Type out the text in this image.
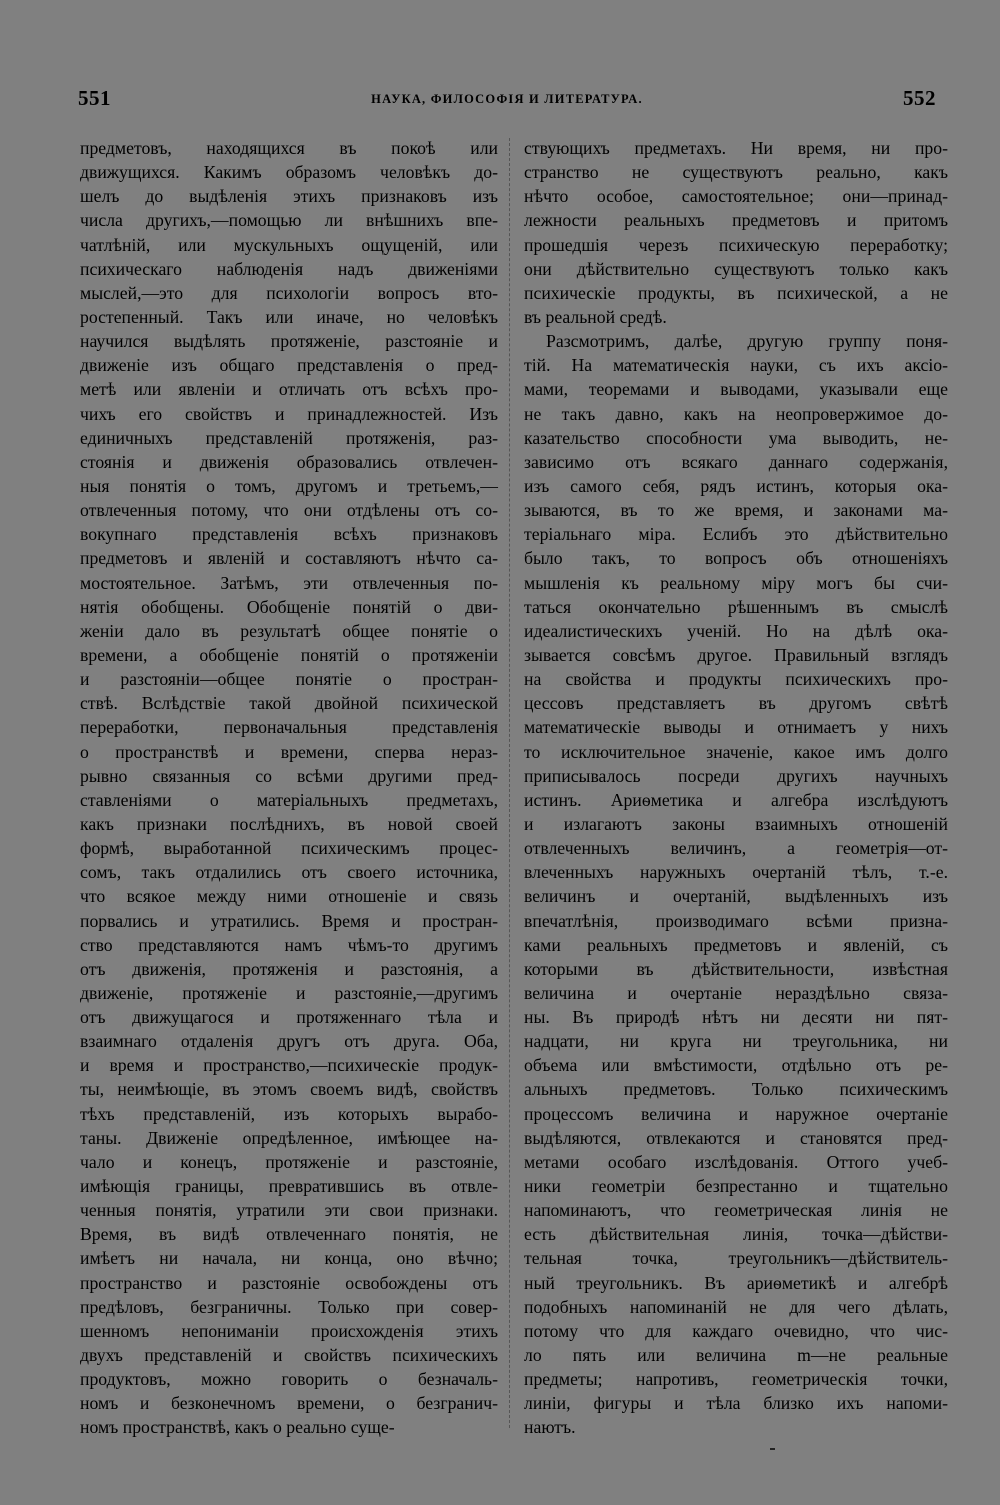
551	НАУКА, ФИЛОСОФІЯ И ЛИТЕРАТУРА.	552
предметовъ, находящихся въ покоѣ или
движущихся. Какимъ образомъ человѣкъ до-
шелъ до выдѣленія этихъ признаковъ изъ
числа другихъ,—помощью ли внѣшнихъ впе-
чатлѣній, или мускульныхъ ощущеній, или
психическаго наблюденія надъ движеніями
мыслей,—это для психологіи вопросъ вто-
ростепенный. Такъ или иначе, но человѣкъ
научился выдѣлять протяженіе, разстояніе и
движеніе изъ общаго представленія о пред-
метѣ или явленіи и отличать отъ всѣхъ про-
чихъ его свойствъ и принадлежностей. Изъ
единичныхъ представленій протяженія, раз-
стоянія и движенія образовались отвлечен-
ныя понятія о томъ, другомъ и третьемъ,—
отвлеченныя потому, что они отдѣлены отъ со-
вокупнаго представленія всѣхъ признаковъ
предметовъ и явленій и составляютъ нѣчто са-
мостоятельное. Затѣмъ, эти отвлеченныя по-
нятія обобщены. Обобщеніе понятій о дви-
женіи дало въ результатѣ общее понятіе о
времени, а обобщеніе понятій о протяженіи
и разстояніи—общее понятіе о простран-
ствѣ. Вслѣдствіе такой двойной психической
переработки, первоначальныя представленія
о пространствѣ и времени, сперва нераз-
рывно связанныя со всѣми другими пред-
ставленіями о матеріальныхъ предметахъ,
какъ признаки послѣднихъ, въ новой своей
формѣ, выработанной психическимъ процес-
сомъ, такъ отдалились отъ своего источника,
что всякое между ними отношеніе и связь
порвались и утратились. Время и простран-
ство представляются намъ чѣмъ-то другимъ
отъ движенія, протяженія и разстоянія, а
движеніе, протяженіе и разстояніе,—другимъ
отъ движущагося и протяженнаго тѣла и
взаимнаго отдаленія другъ отъ друга. Оба,
и время и пространство,—психическіе продук-
ты, неимѣющіе, въ этомъ своемъ видѣ, свойствъ
тѣхъ представленій, изъ которыхъ вырабо-
таны. Движеніе опредѣленное, имѣющее на-
чало и конецъ, протяженіе и разстояніе,
имѣющія границы, превратившись въ отвле-
ченныя понятія, утратили эти свои признаки.
Время, въ видѣ отвлеченнаго понятія, не
имѣетъ ни начала, ни конца, оно вѣчно;
пространство и разстояніе освобождены отъ
предѣловъ, безграничны. Только при совер-
шенномъ непониманіи происхожденія этихъ
двухъ представленій и свойствъ психическихъ
продуктовъ, можно говорить о безначаль-
номъ и безконечномъ времени, о безгранич-
номъ пространствѣ, какъ о реально суще-
ствующихъ предметахъ. Ни время, ни про-
странство не существуютъ реально, какъ
нѣчто особое, самостоятельное; они—принад-
лежности реальныхъ предметовъ и притомъ
прошедшія черезъ психическую переработку;
они дѣйствительно существуютъ только какъ
психическіе продукты, въ психической, а не
въ реальной средѣ.
Разсмотримъ, далѣе, другую группу поня-
тій. На математическія науки, съ ихъ аксіо-
мами, теоремами и выводами, указывали еще
не такъ давно, какъ на неопровержимое до-
казательство способности ума выводить, не-
зависимо отъ всякаго даннаго содержанія,
изъ самого себя, рядъ истинъ, которыя ока-
зываются, въ то же время, и законами ма-
теріальнаго міра. Еслибъ это дѣйствительно
было такъ, то вопросъ объ отношеніяхъ
мышленія къ реальному міру могъ бы счи-
таться окончательно рѣшеннымъ въ смыслѣ
идеалистическихъ ученій. Но на дѣлѣ ока-
зывается совсѣмъ другое. Правильный взглядъ
на свойства и продукты психическихъ про-
цессовъ представляетъ въ другомъ свѣтѣ
математическіе выводы и отнимаетъ у нихъ
то исключительное значеніе, какое имъ долго
приписывалось посреди другихъ научныхъ
истинъ. Ариѳметика и алгебра изслѣдуютъ
и излагаютъ законы взаимныхъ отношеній
отвлеченныхъ величинъ, а геометрія—от-
влеченныхъ наружныхъ очертаній тѣлъ, т.-е.
величинъ и очертаній, выдѣленныхъ изъ
впечатлѣнія, производимаго всѣми призна-
ками реальныхъ предметовъ и явленій, съ
которыми въ дѣйствительности, извѣстная
величина и очертаніе нераздѣльно связа-
ны. Въ природѣ нѣтъ ни десяти ни пят-
надцати, ни круга ни треугольника, ни
объема или вмѣстимости, отдѣльно отъ ре-
альныхъ предметовъ. Только психическимъ
процессомъ величина и наружное очертаніе
выдѣляются, отвлекаются и становятся пред-
метами особаго изслѣдованія. Оттого учеб-
ники геометріи безпрестанно и тщательно
напоминаютъ, что геометрическая линія не
есть дѣйствительная линія, точка—дѣйстви-
тельная точка, треугольникъ—дѣйствитель-
ный треугольникъ. Въ ариѳметикѣ и алгебрѣ
подобныхъ напоминаній не для чего дѣлать,
потому что для каждаго очевидно, что чис-
ло пять или величина m—не реальные
предметы; напротивъ, геометрическія точки,
линіи, фигуры и тѣла близко ихъ напоми-
наютъ.
